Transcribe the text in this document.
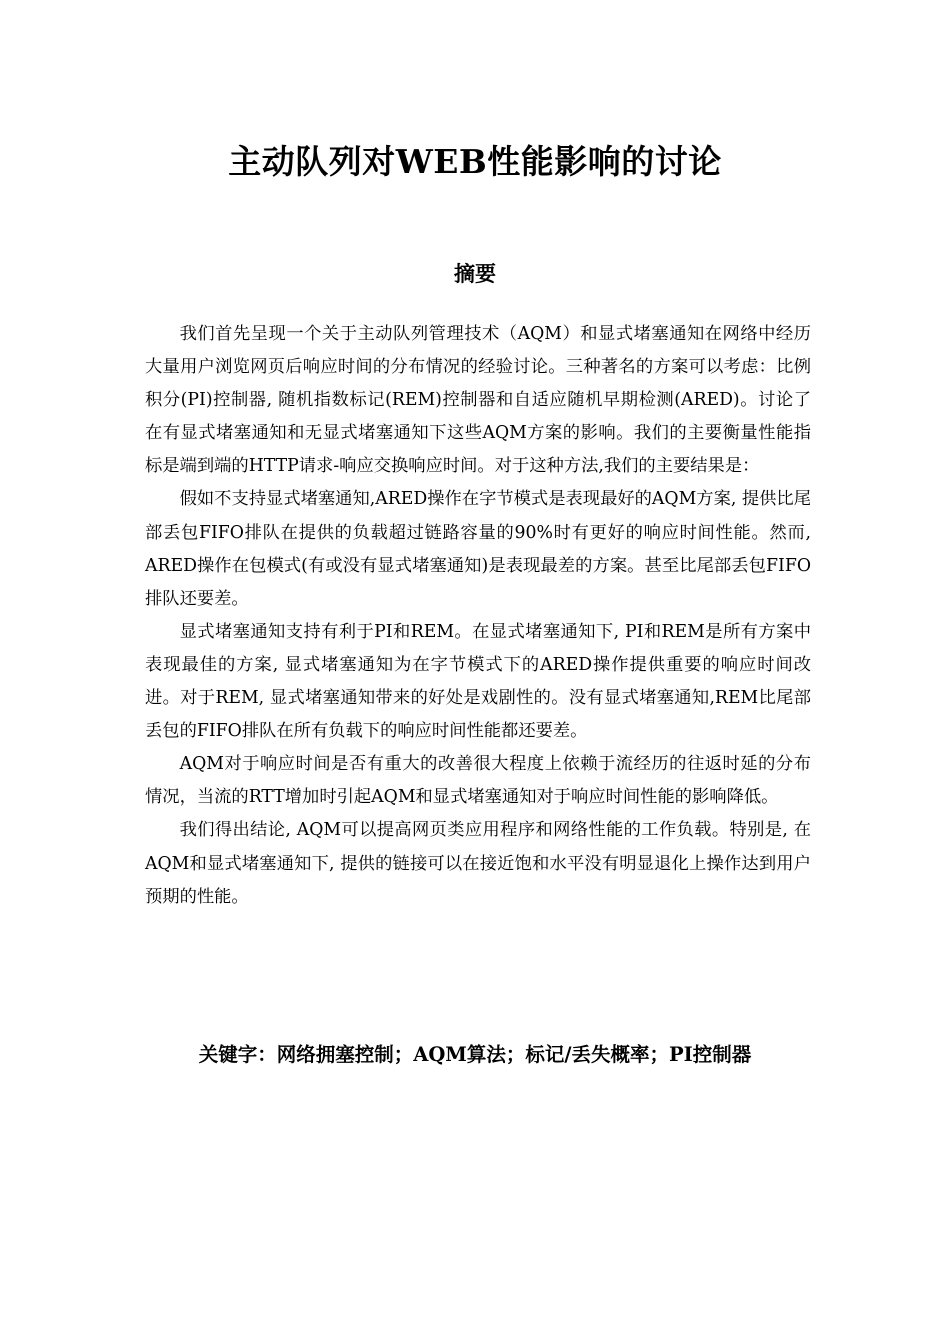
主动队列对WEB性能影响的讨论
摘要

我们首先呈现一个关于主动队列管理技术（AQM）和显式堵塞通知在网络中经历大量用户浏览网页后响应时间的分布情况的经验讨论。三种著名的方案可以考虑：比例积分(PI)控制器, 随机指数标记(REM)控制器和自适应随机早期检测(ARED)。讨论了在有显式堵塞通知和无显式堵塞通知下这些AQM方案的影响。我们的主要衡量性能指标是端到端的HTTP请求-响应交换响应时间。对于这种方法,我们的主要结果是：

假如不支持显式堵塞通知,ARED操作在字节模式是表现最好的AQM方案, 提供比尾部丢包FIFO排队在提供的负载超过链路容量的90%时有更好的响应时间性能。然而, ARED操作在包模式(有或没有显式堵塞通知)是表现最差的方案。甚至比尾部丢包FIFO排队还要差。

显式堵塞通知支持有利于PI和REM。在显式堵塞通知下, PI和REM是所有方案中表现最佳的方案, 显式堵塞通知为在字节模式下的ARED操作提供重要的响应时间改进。对于REM, 显式堵塞通知带来的好处是戏剧性的。没有显式堵塞通知,REM比尾部丢包的FIFO排队在所有负载下的响应时间性能都还要差。

AQM对于响应时间是否有重大的改善很大程度上依赖于流经历的往返时延的分布情况，当流的RTT增加时引起AQM和显式堵塞通知对于响应时间性能的影响降低。

我们得出结论, AQM可以提高网页类应用程序和网络性能的工作负载。特别是, 在AQM和显式堵塞通知下, 提供的链接可以在接近饱和水平没有明显退化上操作达到用户预期的性能。

关键字：网络拥塞控制；AQM算法；标记/丢失概率；PI控制器
